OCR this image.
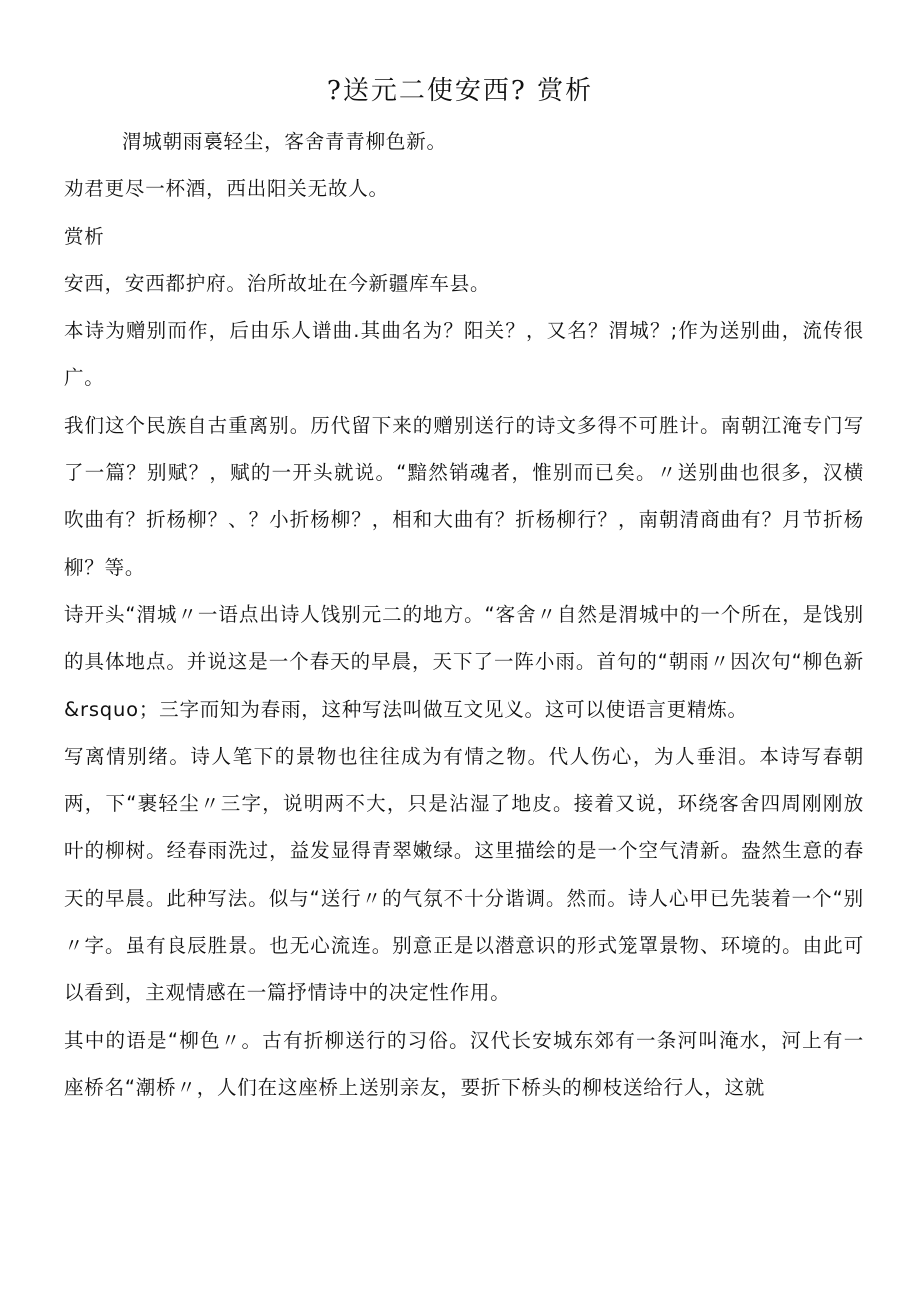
?送元二使安西? 赏析

渭城朝雨裛轻尘，客舍青青柳色新。

劝君更尽一杯酒，西出阳关无故人。

赏析

安西，安西都护府。治所故址在今新疆库车县。

本诗为赠别而作，后由乐人谱曲.其曲名为？阳关？，又名？渭城？;作为送别曲，流传很广。

我们这个民族自古重离别。历代留下来的赠别送行的诗文多得不可胜计。南朝江淹专门写了一篇？别赋？，赋的一开头就说。“黯然销魂者，惟别而已矣。〃送别曲也很多，汉横吹曲有？折杨柳？、？小折杨柳？，相和大曲有？折杨柳行？，南朝清商曲有？月节折杨柳？等。

诗开头“渭城〃一语点出诗人饯别元二的地方。“客舍〃自然是渭城中的一个所在，是饯别的具体地点。并说这是一个春天的早晨，天下了一阵小雨。首句的“朝雨〃因次句“柳色新&rsquo；三字而知为春雨，这种写法叫做互文见义。这可以使语言更精炼。

写离情别绪。诗人笔下的景物也往往成为有情之物。代人伤心，为人垂泪。本诗写春朝两，下“裹轻尘〃三字，说明两不大，只是沾湿了地皮。接着又说，环绕客舍四周刚刚放叶的柳树。经春雨洗过，益发显得青翠嫩绿。这里描绘的是一个空气清新。盎然生意的春天的早晨。此种写法。似与“送行〃的气氛不十分谐调。然而。诗人心甲已先装着一个“别〃字。虽有良辰胜景。也无心流连。别意正是以潜意识的形式笼罩景物、环境的。由此可以看到，主观情感在一篇抒情诗中的决定性作用。

其中的语是“柳色〃。古有折柳送行的习俗。汉代长安城东郊有一条河叫淹水，河上有一座桥名“潮桥〃，人们在这座桥上送别亲友，要折下桥头的柳枝送给行人，这就
